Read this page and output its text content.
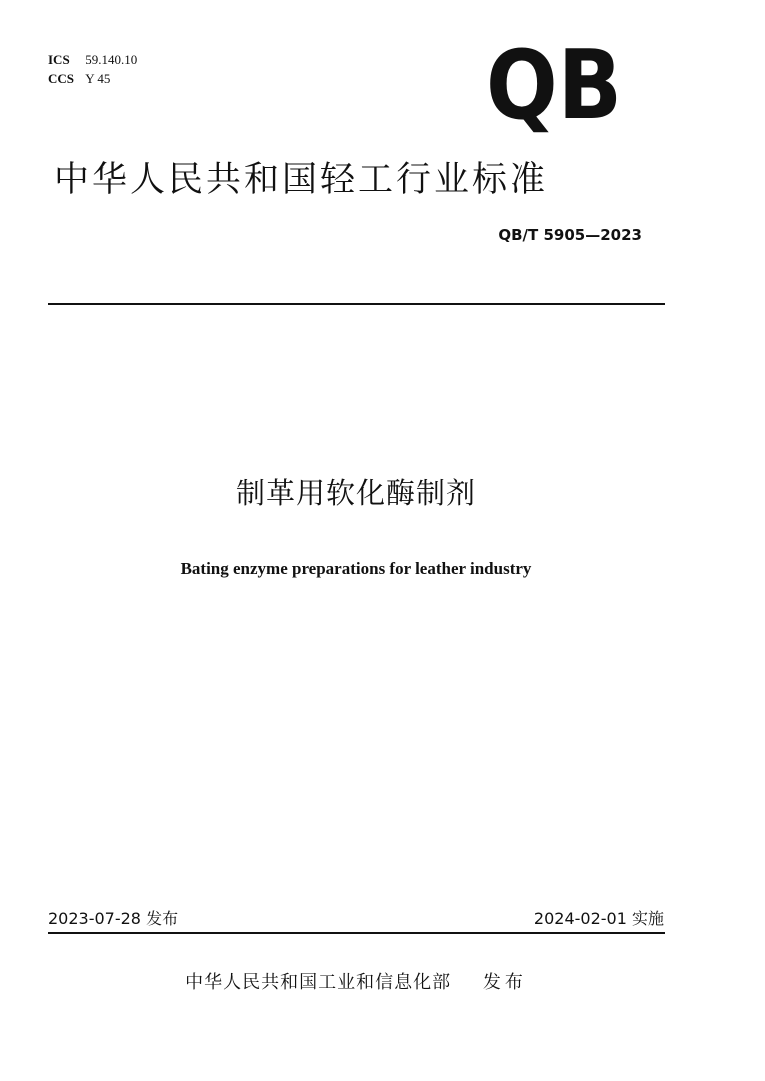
ICS 59.140.10
CCS Y 45	QB
中华人民共和国轻工行业标准
QB/T 5905—2023
制革用软化酶制剂
Bating enzyme preparations for leather industry
2023-07-28 发布	2024-02-01 实施
中华人民共和国工业和信息化部 发布
